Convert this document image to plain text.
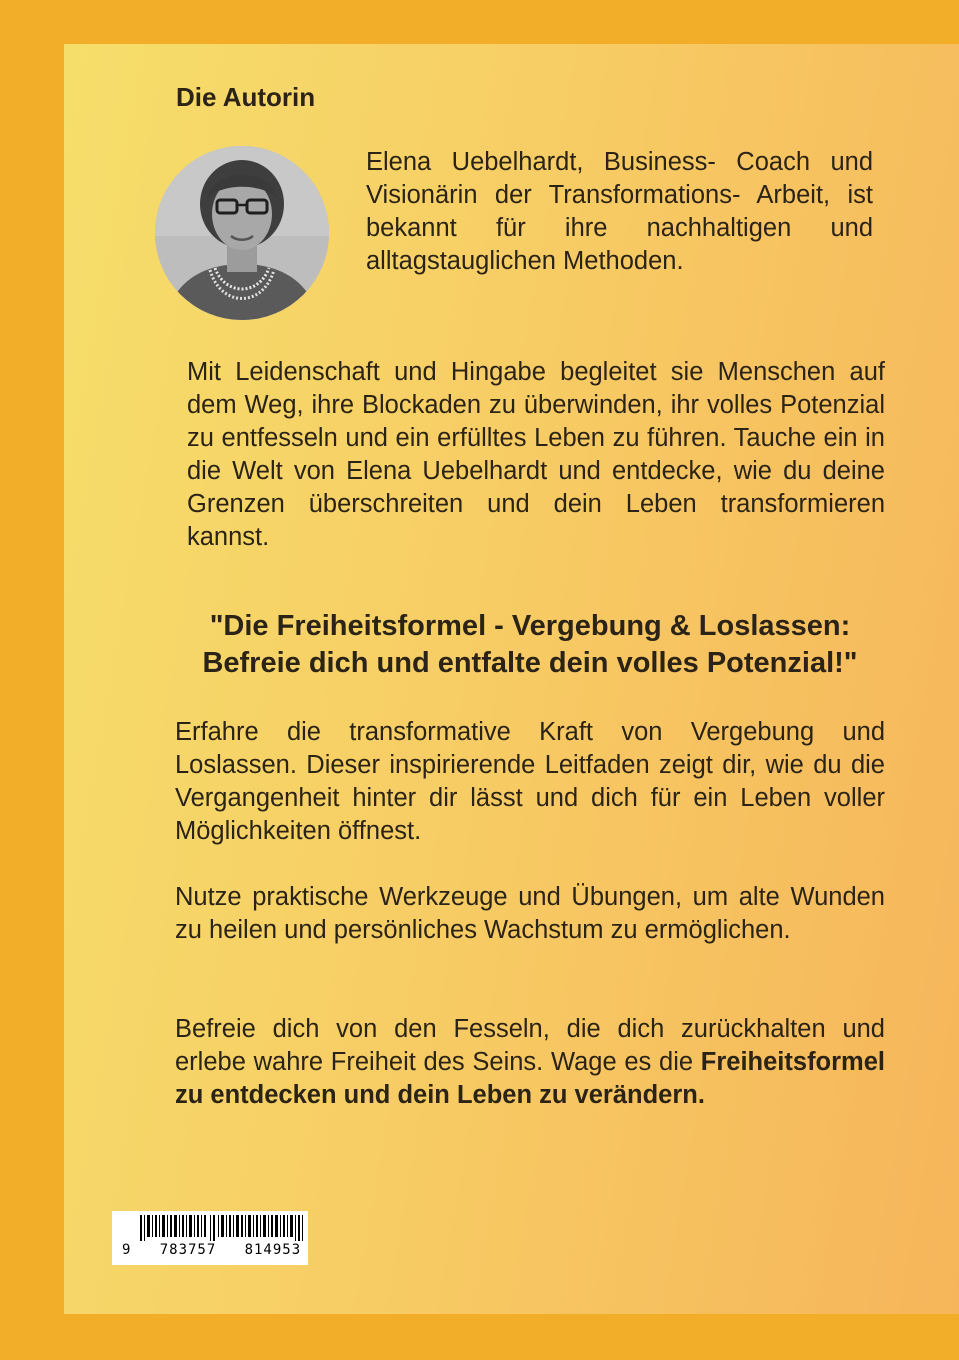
Die Autorin

Elena Uebelhardt, Business- Coach und Visionärin der Transformations- Arbeit, ist bekannt für ihre nachhaltigen und alltagstauglichen Methoden.

Mit Leidenschaft und Hingabe begleitet sie Menschen auf dem Weg, ihre Blockaden zu überwinden, ihr volles Potenzial zu entfesseln und ein erfülltes Leben zu führen. Tauche ein in die Welt von Elena Uebelhardt und entdecke, wie du deine Grenzen überschreiten und dein Leben transformieren kannst.

"Die Freiheitsformel - Vergebung & Loslassen:
Befreie dich und entfalte dein volles Potenzial!"

Erfahre die transformative Kraft von Vergebung und Loslassen. Dieser inspirierende Leitfaden zeigt dir, wie du die Vergangenheit hinter dir lässt und dich für ein Leben voller Möglichkeiten öffnest.

Nutze praktische Werkzeuge und Übungen, um alte Wunden zu heilen und persönliches Wachstum zu ermöglichen.

Befreie dich von den Fesseln, die dich zurückhalten und erlebe wahre Freiheit des Seins. Wage es die Freiheitsformel zu entdecken und dein Leben zu verändern.

9   783757   814953
